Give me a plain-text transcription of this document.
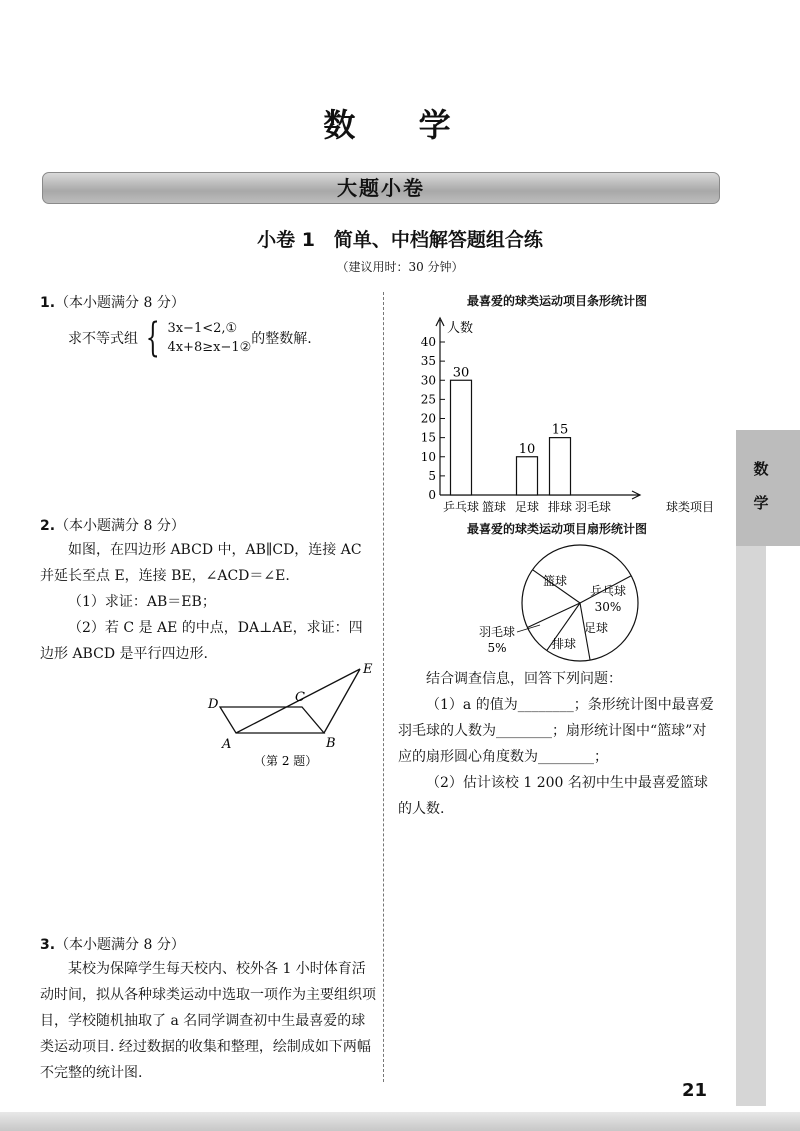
数 学
大题小卷
小卷 1　简单、中档解答题组合练
（建议用时：30 分钟）
1.（本小题满分 8 分）
求不等式组 { 3x−1<2,①
4x+8≥x−1②
的整数解.
2.（本小题满分 8 分）
如图，在四边形 ABCD 中，AB∥CD，连接 AC 并延长至点 E，连接 BE，∠ACD＝∠E.
（1）求证：AB＝EB；
（2）若 C 是 AE 的中点，DA⊥AE，求证：四边形 ABCD 是平行四边形.
D	C
E
A	B
（第 2 题）
3.（本小题满分 8 分）
某校为保障学生每天校内、校外各 1 小时体育活动时间，拟从各种球类运动中选取一项作为主要组织项目，学校随机抽取了 a 名同学调查初中生最喜爱的球类运动项目. 经过数据的收集和整理，绘制成如下两幅不完整的统计图.
最喜爱的球类运动项目条形统计图
人数
0
5
10
15
20
25
30
35
40
30
乒乓球 篮球
10
足球
15
排球 羽毛球	球类项目
最喜爱的球类运动项目扇形统计图
篮球
乒乓球
30%
足球
排球
羽毛球
5%
结合调查信息，回答下列问题：
（1）a 的值为________；条形统计图中最喜爱羽毛球的人数为________；扇形统计图中“篮球”对应的扇形圆心角度数为________；
（2）估计该校 1 200 名初中生中最喜爱篮球的人数.
数
学
21
